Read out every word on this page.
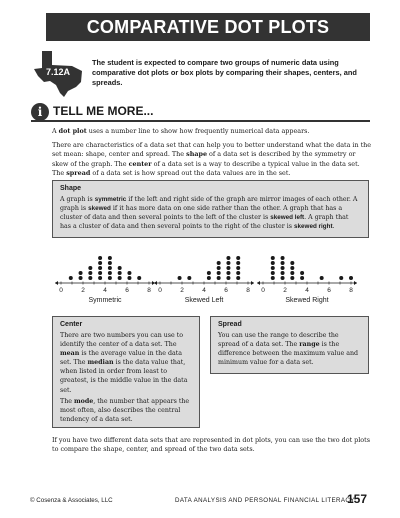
COMPARATIVE DOT PLOTS
7.12A
The student is expected to compare two groups of numeric data using comparative dot plots or box plots by comparing their shapes, centers, and spreads.
i TELL ME MORE...
A dot plot uses a number line to show how frequently numerical data appears.
There are characteristics of a data set that can help you to better understand what the data in the set mean: shape, center and spread. The shape of a data set is described by the symmetry or skew of the graph. The center of a data set is a way to describe a typical value in the data set. The spread of a data set is how spread out the data values are in the set.
Shape
A graph is symmetric if the left and right side of the graph are mirror images of each other. A graph is skewed if it has more data on one side rather than the other. A graph that has a cluster of data and then several points to the left of the cluster is skewed left. A graph that has a cluster of data and then several points to the right of the cluster is skewed right.
0	2	4	6	8 0	2	4	6	8 0	2	4	6	8
Symmetric	Skewed Left	Skewed Right
Center
There are two numbers you can use to identify the center of a data set. The mean is the average value in the data set. The median is the data value that, when listed in order from least to greatest, is the middle value in the data set.
The mode, the number that appears the most often, also describes the central tendency of a data set.
Spread
You can use the range to describe the spread of a data set. The range is the difference between the maximum value and minimum value for a data set.
If you have two different data sets that are represented in dot plots, you can use the two dot plots to compare the shape, center, and spread of the two data sets.
© Cosenza & Associates, LLC	DATA ANALYSIS AND PERSONAL FINANCIAL LITERACY
157
